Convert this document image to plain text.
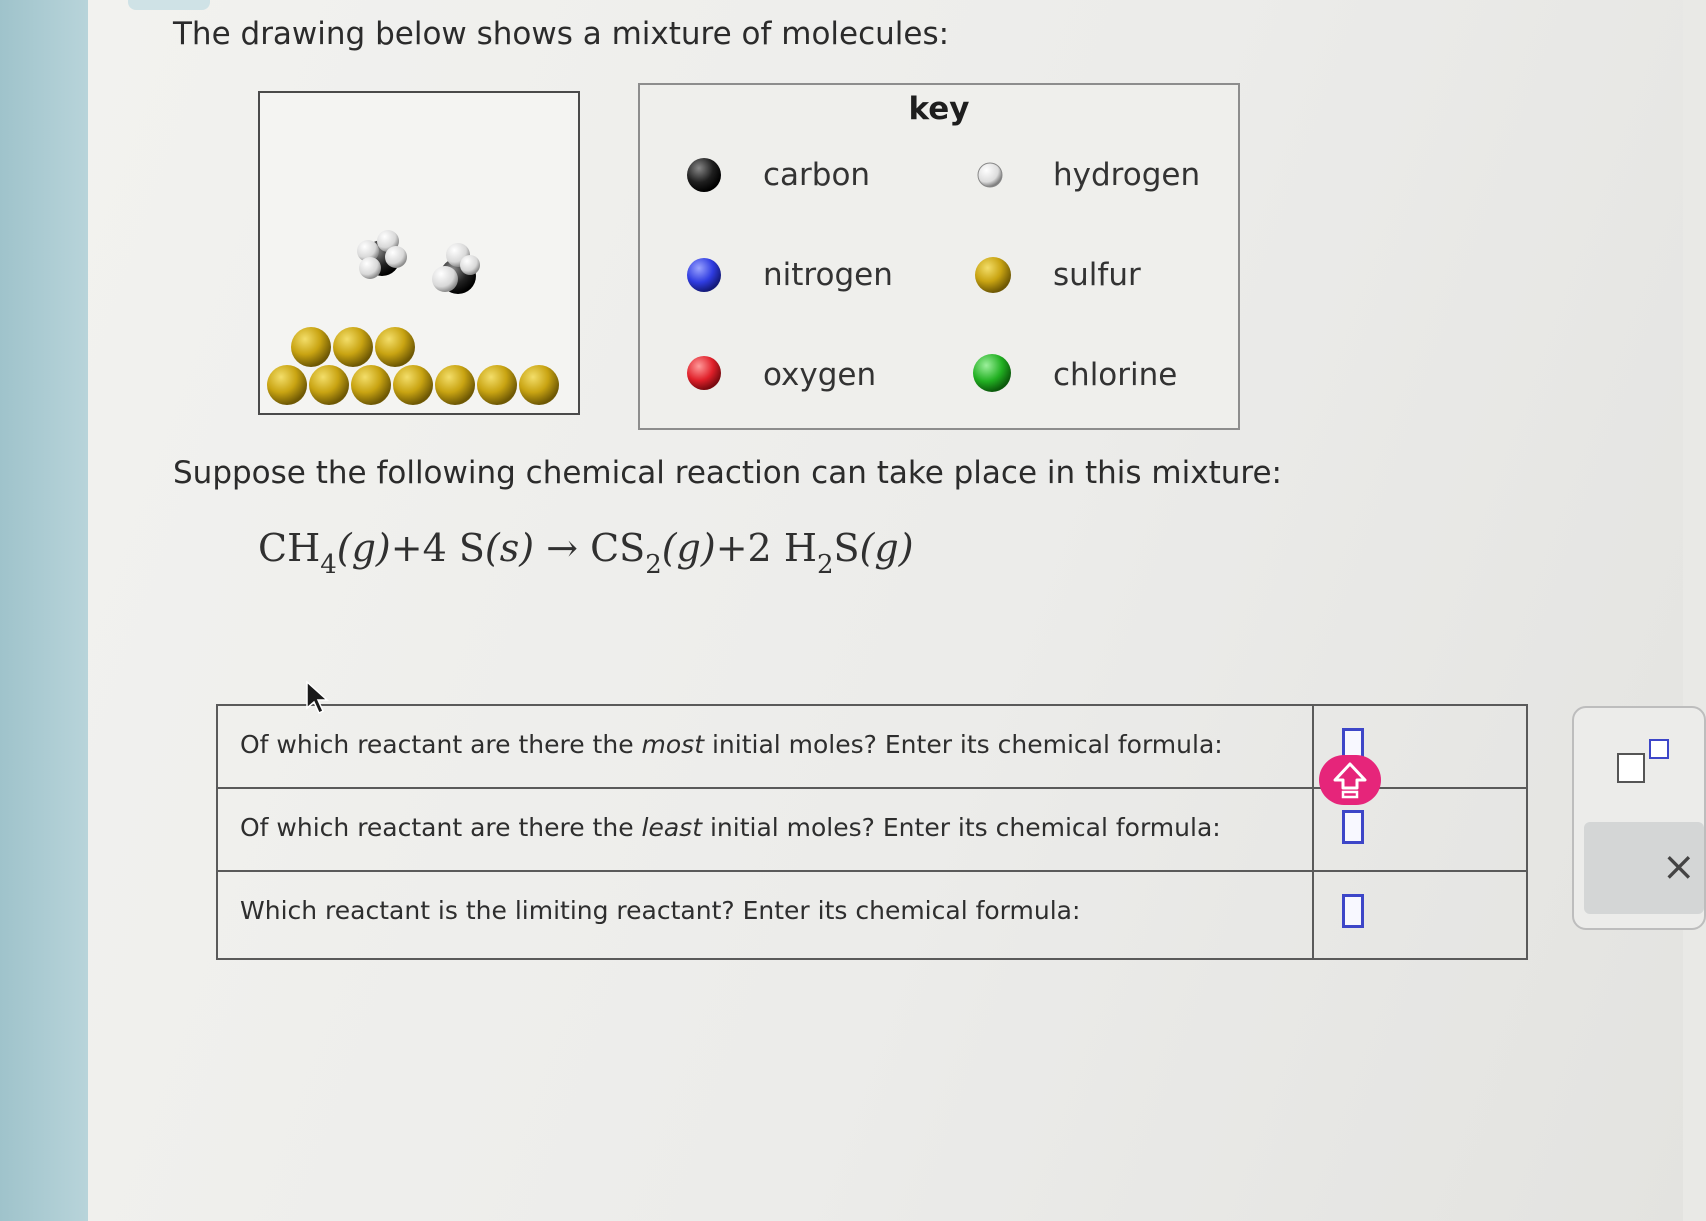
The drawing below shows a mixture of molecules:
key
carbon	hydrogen
nitrogen	sulfur
oxygen	chlorine
Suppose the following chemical reaction can take place in this mixture:
$CH_4(g)+4$ $S(s) \to CS_2(g)+2$ $H_2S(g)$
Of which reactant are there the most initial moles? Enter its chemical formula:
Of which reactant are there the least initial moles? Enter its chemical formula:
Which reactant is the limiting reactant? Enter its chemical formula:
×
